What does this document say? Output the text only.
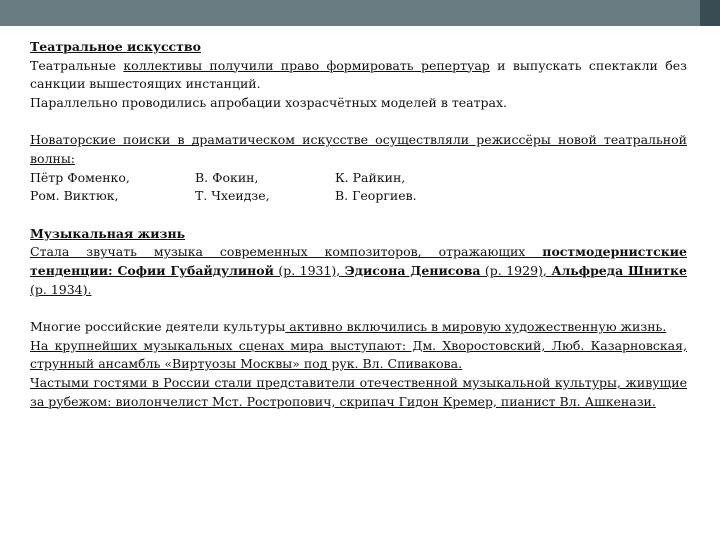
Театральное искусство

Театральные коллективы получили право формировать репертуар и выпускать спектакли без санкции вышестоящих инстанций.

Параллельно проводились апробации хозрасчётных моделей в театрах.

Новаторские поиски в драматическом искусстве осуществляли режиссёры новой театральной волны:

Пётр Фоменко,	В. Фокин,	К. Райкин,
Ром. Виктюк,	Т. Чхеидзе,	В. Георгиев.

Музыкальная жизнь

Стала звучать музыка современных композиторов, отражающих постмодернистские тенденции: Софии Губайдулиной (р. 1931), Эдисона Денисова (р. 1929), Альфреда Шнитке (р. 1934).

Многие российские деятели культуры активно включились в мировую художественную жизнь.

На крупнейших музыкальных сценах мира выступают: Дм. Хворостовский, Люб. Казарновская, струнный ансамбль «Виртуозы Москвы» под рук. Вл. Спивакова.

Частыми гостями в России стали представители отечественной музыкальной культуры, живущие за рубежом: виолончелист Мст. Ростропович, скрипач Гидон Кремер, пианист Вл. Ашкенази.
